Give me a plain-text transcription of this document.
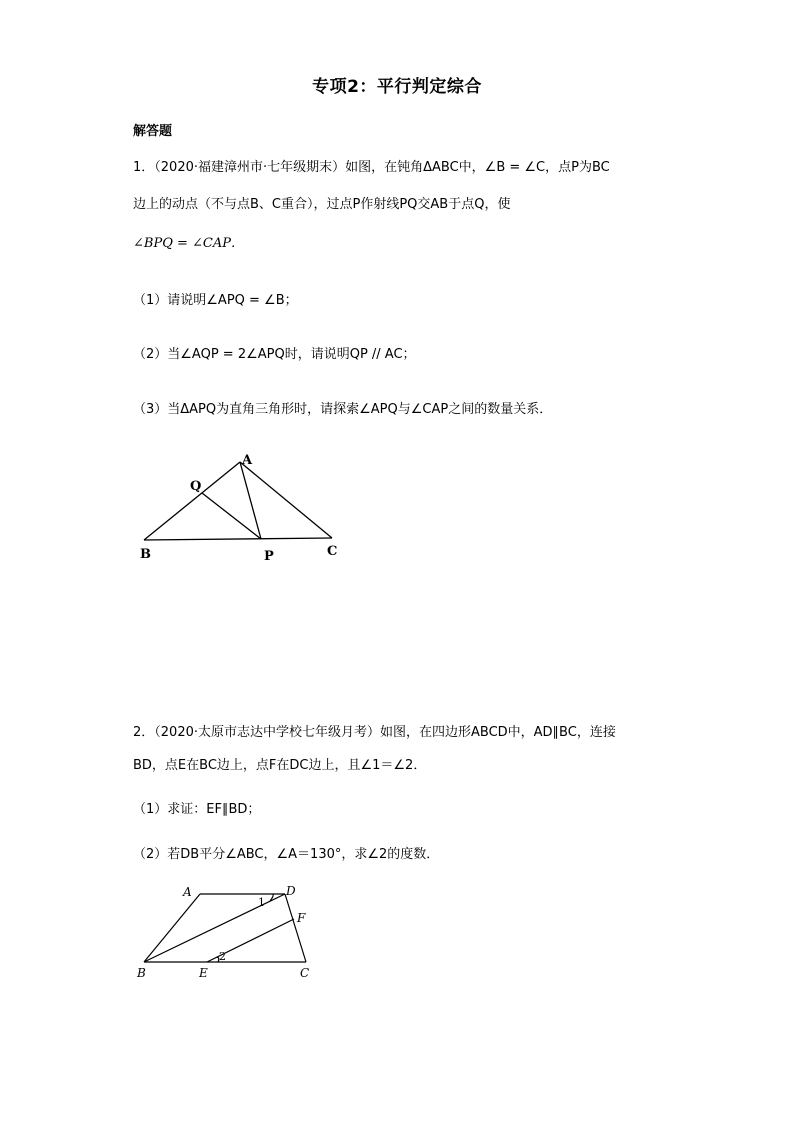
专项2：平行判定综合
解答题
1．（2020·福建漳州市·七年级期末）如图，在钝角ΔABC中，∠B = ∠C，点P为BC
边上的动点（不与点B、C重合），过点P作射线PQ交AB于点Q，使
∠BPQ = ∠CAP．
（1）请说明∠APQ = ∠B；
（2）当∠AQP = 2∠APQ时，请说明QP // AC；
（3）当ΔAPQ为直角三角形时，请探索∠APQ与∠CAP之间的数量关系．
A
Q
B	P	C
2．（2020·太原市志达中学校七年级月考）如图，在四边形ABCD中，AD∥BC，连接
BD，点E在BC边上，点F在DC边上，且∠1＝∠2．
（1）求证：EF∥BD；
（2）若DB平分∠ABC，∠A＝130°，求∠2的度数．
A	D
F
B	E	C
1
2
